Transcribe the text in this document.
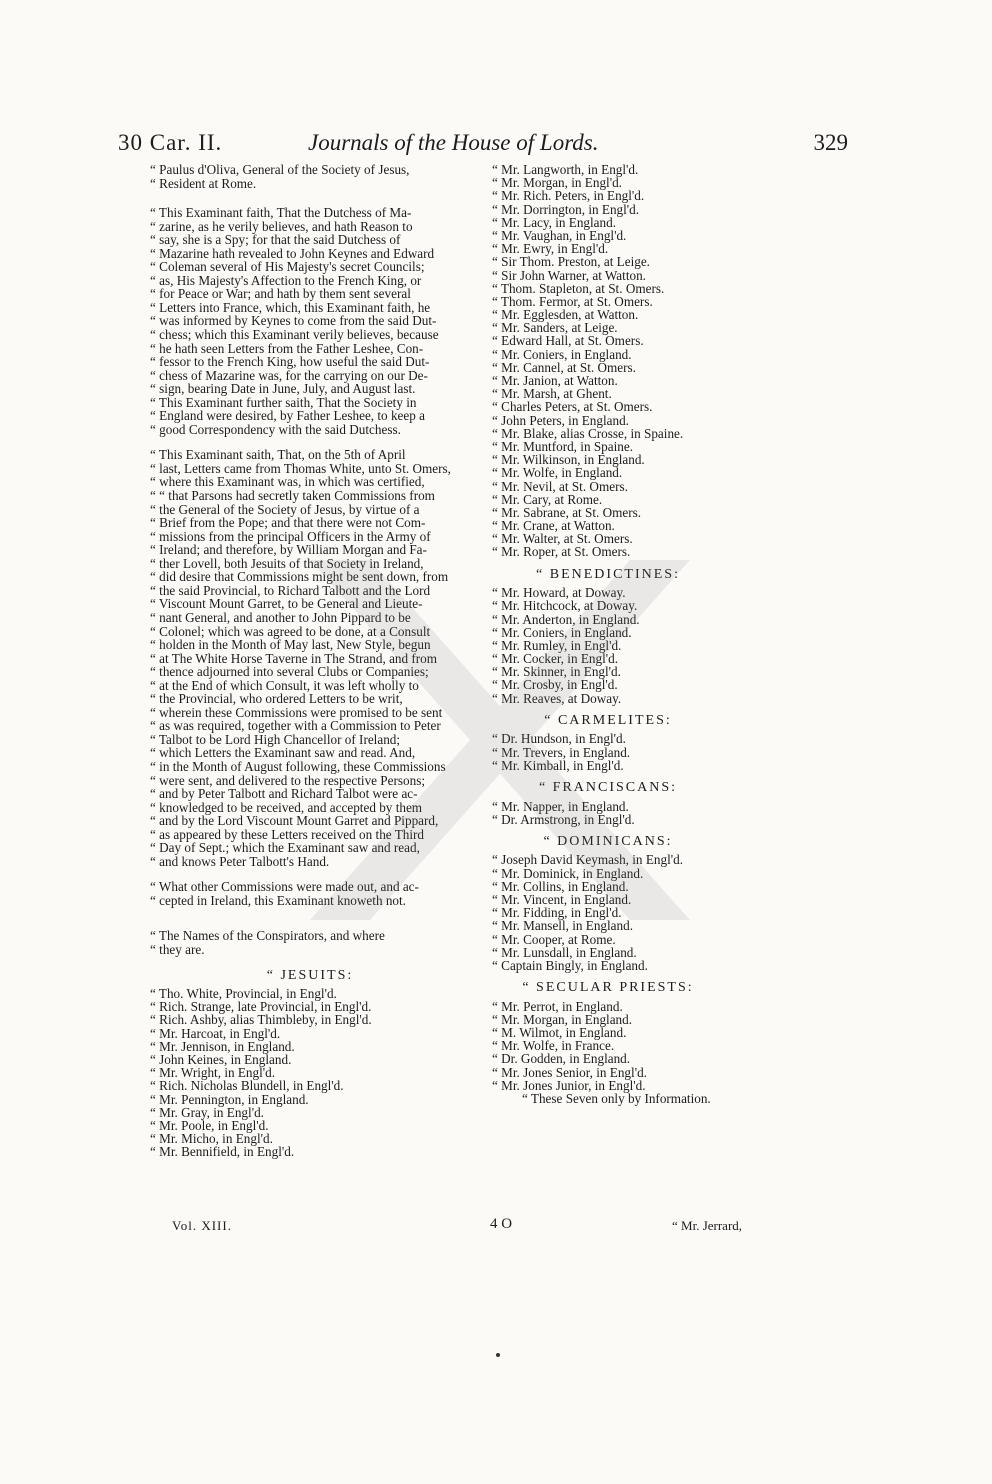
30 Car. II.	Journals of the House of Lords.	329
“ Paulus d'Oliva, General of the Society of Jesus,
“ Resident at Rome.
“ This Examinant faith, That the Dutchess of Ma-
“ zarine, as he verily believes, and hath Reason to
“ say, she is a Spy; for that the said Dutchess of
“ Mazarine hath revealed to John Keynes and Edward
“ Coleman several of His Majesty's secret Councils;
“ as, His Majesty's Affection to the French King, or
“ for Peace or War; and hath by them sent several
“ Letters into France, which, this Examinant faith, he
“ was informed by Keynes to come from the said Dut-
“ chess; which this Examinant verily believes, because
“ he hath seen Letters from the Father Leshee, Con-
“ fessor to the French King, how useful the said Dut-
“ chess of Mazarine was, for the carrying on our De-
“ sign, bearing Date in June, July, and August last.
“ This Examinant further saith, That the Society in
“ England were desired, by Father Leshee, to keep a
“ good Correspondency with the said Dutchess.
“ This Examinant saith, That, on the 5th of April
“ last, Letters came from Thomas White, unto St. Omers,
“ where this Examinant was, in which was certified,
“ “ that Parsons had secretly taken Commissions from
“ the General of the Society of Jesus, by virtue of a
“ Brief from the Pope; and that there were not Com-
“ missions from the principal Officers in the Army of
“ Ireland; and therefore, by William Morgan and Fa-
“ ther Lovell, both Jesuits of that Society in Ireland,
“ did desire that Commissions might be sent down, from
“ the said Provincial, to Richard Talbott and the Lord
“ Viscount Mount Garret, to be General and Lieute-
“ nant General, and another to John Pippard to be
“ Colonel; which was agreed to be done, at a Consult
“ holden in the Month of May last, New Style, begun
“ at The White Horse Taverne in The Strand, and from
“ thence adjourned into several Clubs or Companies;
“ at the End of which Consult, it was left wholly to
“ the Provincial, who ordered Letters to be writ,
“ wherein these Commissions were promised to be sent
“ as was required, together with a Commission to Peter
“ Talbot to be Lord High Chancellor of Ireland;
“ which Letters the Examinant saw and read. And,
“ in the Month of August following, these Commissions
“ were sent, and delivered to the respective Persons;
“ and by Peter Talbott and Richard Talbot were ac-
“ knowledged to be received, and accepted by them
“ and by the Lord Viscount Mount Garret and Pippard,
“ as appeared by these Letters received on the Third
“ Day of Sept.; which the Examinant saw and read,
“ and knows Peter Talbott's Hand.
“ What other Commissions were made out, and ac-
“ cepted in Ireland, this Examinant knoweth not.
“ The Names of the Conspirators, and where
“ they are.
“ JESUITS:
“ Tho. White, Provincial, in Engl'd.
“ Rich. Strange, late Provincial, in Engl'd.
“ Rich. Ashby, alias Thimbleby, in Engl'd.
“ Mr. Harcoat, in Engl'd.
“ Mr. Jennison, in England.
“ John Keines, in England.
“ Mr. Wright, in Engl'd.
“ Rich. Nicholas Blundell, in Engl'd.
“ Mr. Pennington, in England.
“ Mr. Gray, in Engl'd.
“ Mr. Poole, in Engl'd.
“ Mr. Micho, in Engl'd.
“ Mr. Bennifield, in Engl'd.
“ Mr. Langworth, in Engl'd.
“ Mr. Morgan, in Engl'd.
“ Mr. Rich. Peters, in Engl'd.
“ Mr. Dorrington, in Engl'd.
“ Mr. Lacy, in England.
“ Mr. Vaughan, in Engl'd.
“ Mr. Ewry, in Engl'd.
“ Sir Thom. Preston, at Leige.
“ Sir John Warner, at Watton.
“ Thom. Stapleton, at St. Omers.
“ Thom. Fermor, at St. Omers.
“ Mr. Egglesden, at Watton.
“ Mr. Sanders, at Leige.
“ Edward Hall, at St. Omers.
“ Mr. Coniers, in England.
“ Mr. Cannel, at St. Omers.
“ Mr. Janion, at Watton.
“ Mr. Marsh, at Ghent.
“ Charles Peters, at St. Omers.
“ John Peters, in England.
“ Mr. Blake, alias Crosse, in Spaine.
“ Mr. Muntford, in Spaine.
“ Mr. Wilkinson, in England.
“ Mr. Wolfe, in England.
“ Mr. Nevil, at St. Omers.
“ Mr. Cary, at Rome.
“ Mr. Sabrane, at St. Omers.
“ Mr. Crane, at Watton.
“ Mr. Walter, at St. Omers.
“ Mr. Roper, at St. Omers.
“ BENEDICTINES:
“ Mr. Howard, at Doway.
“ Mr. Hitchcock, at Doway.
“ Mr. Anderton, in England.
“ Mr. Coniers, in England.
“ Mr. Rumley, in Engl'd.
“ Mr. Cocker, in Engl'd.
“ Mr. Skinner, in Engl'd.
“ Mr. Crosby, in Engl'd.
“ Mr. Reaves, at Doway.
“ CARMELITES:
“ Dr. Hundson, in Engl'd.
“ Mr. Trevers, in England.
“ Mr. Kimball, in Engl'd.
“ FRANCISCANS:
“ Mr. Napper, in England.
“ Dr. Armstrong, in Engl'd.
“ DOMINICANS:
“ Joseph David Keymash, in Engl'd.
“ Mr. Dominick, in England.
“ Mr. Collins, in England.
“ Mr. Vincent, in England.
“ Mr. Fidding, in Engl'd.
“ Mr. Mansell, in England.
“ Mr. Cooper, at Rome.
“ Mr. Lunsdall, in England.
“ Captain Bingly, in England.
“ SECULAR PRIESTS:
“ Mr. Perrot, in England.
“ Mr. Morgan, in England.
“ M. Wilmot, in England.
“ Mr. Wolfe, in France.
“ Dr. Godden, in England.
“ Mr. Jones Senior, in Engl'd.
“ Mr. Jones Junior, in Engl'd.
“ These Seven only by Information.
Vol. XIII.	4 O	“ Mr. Jerrard,
